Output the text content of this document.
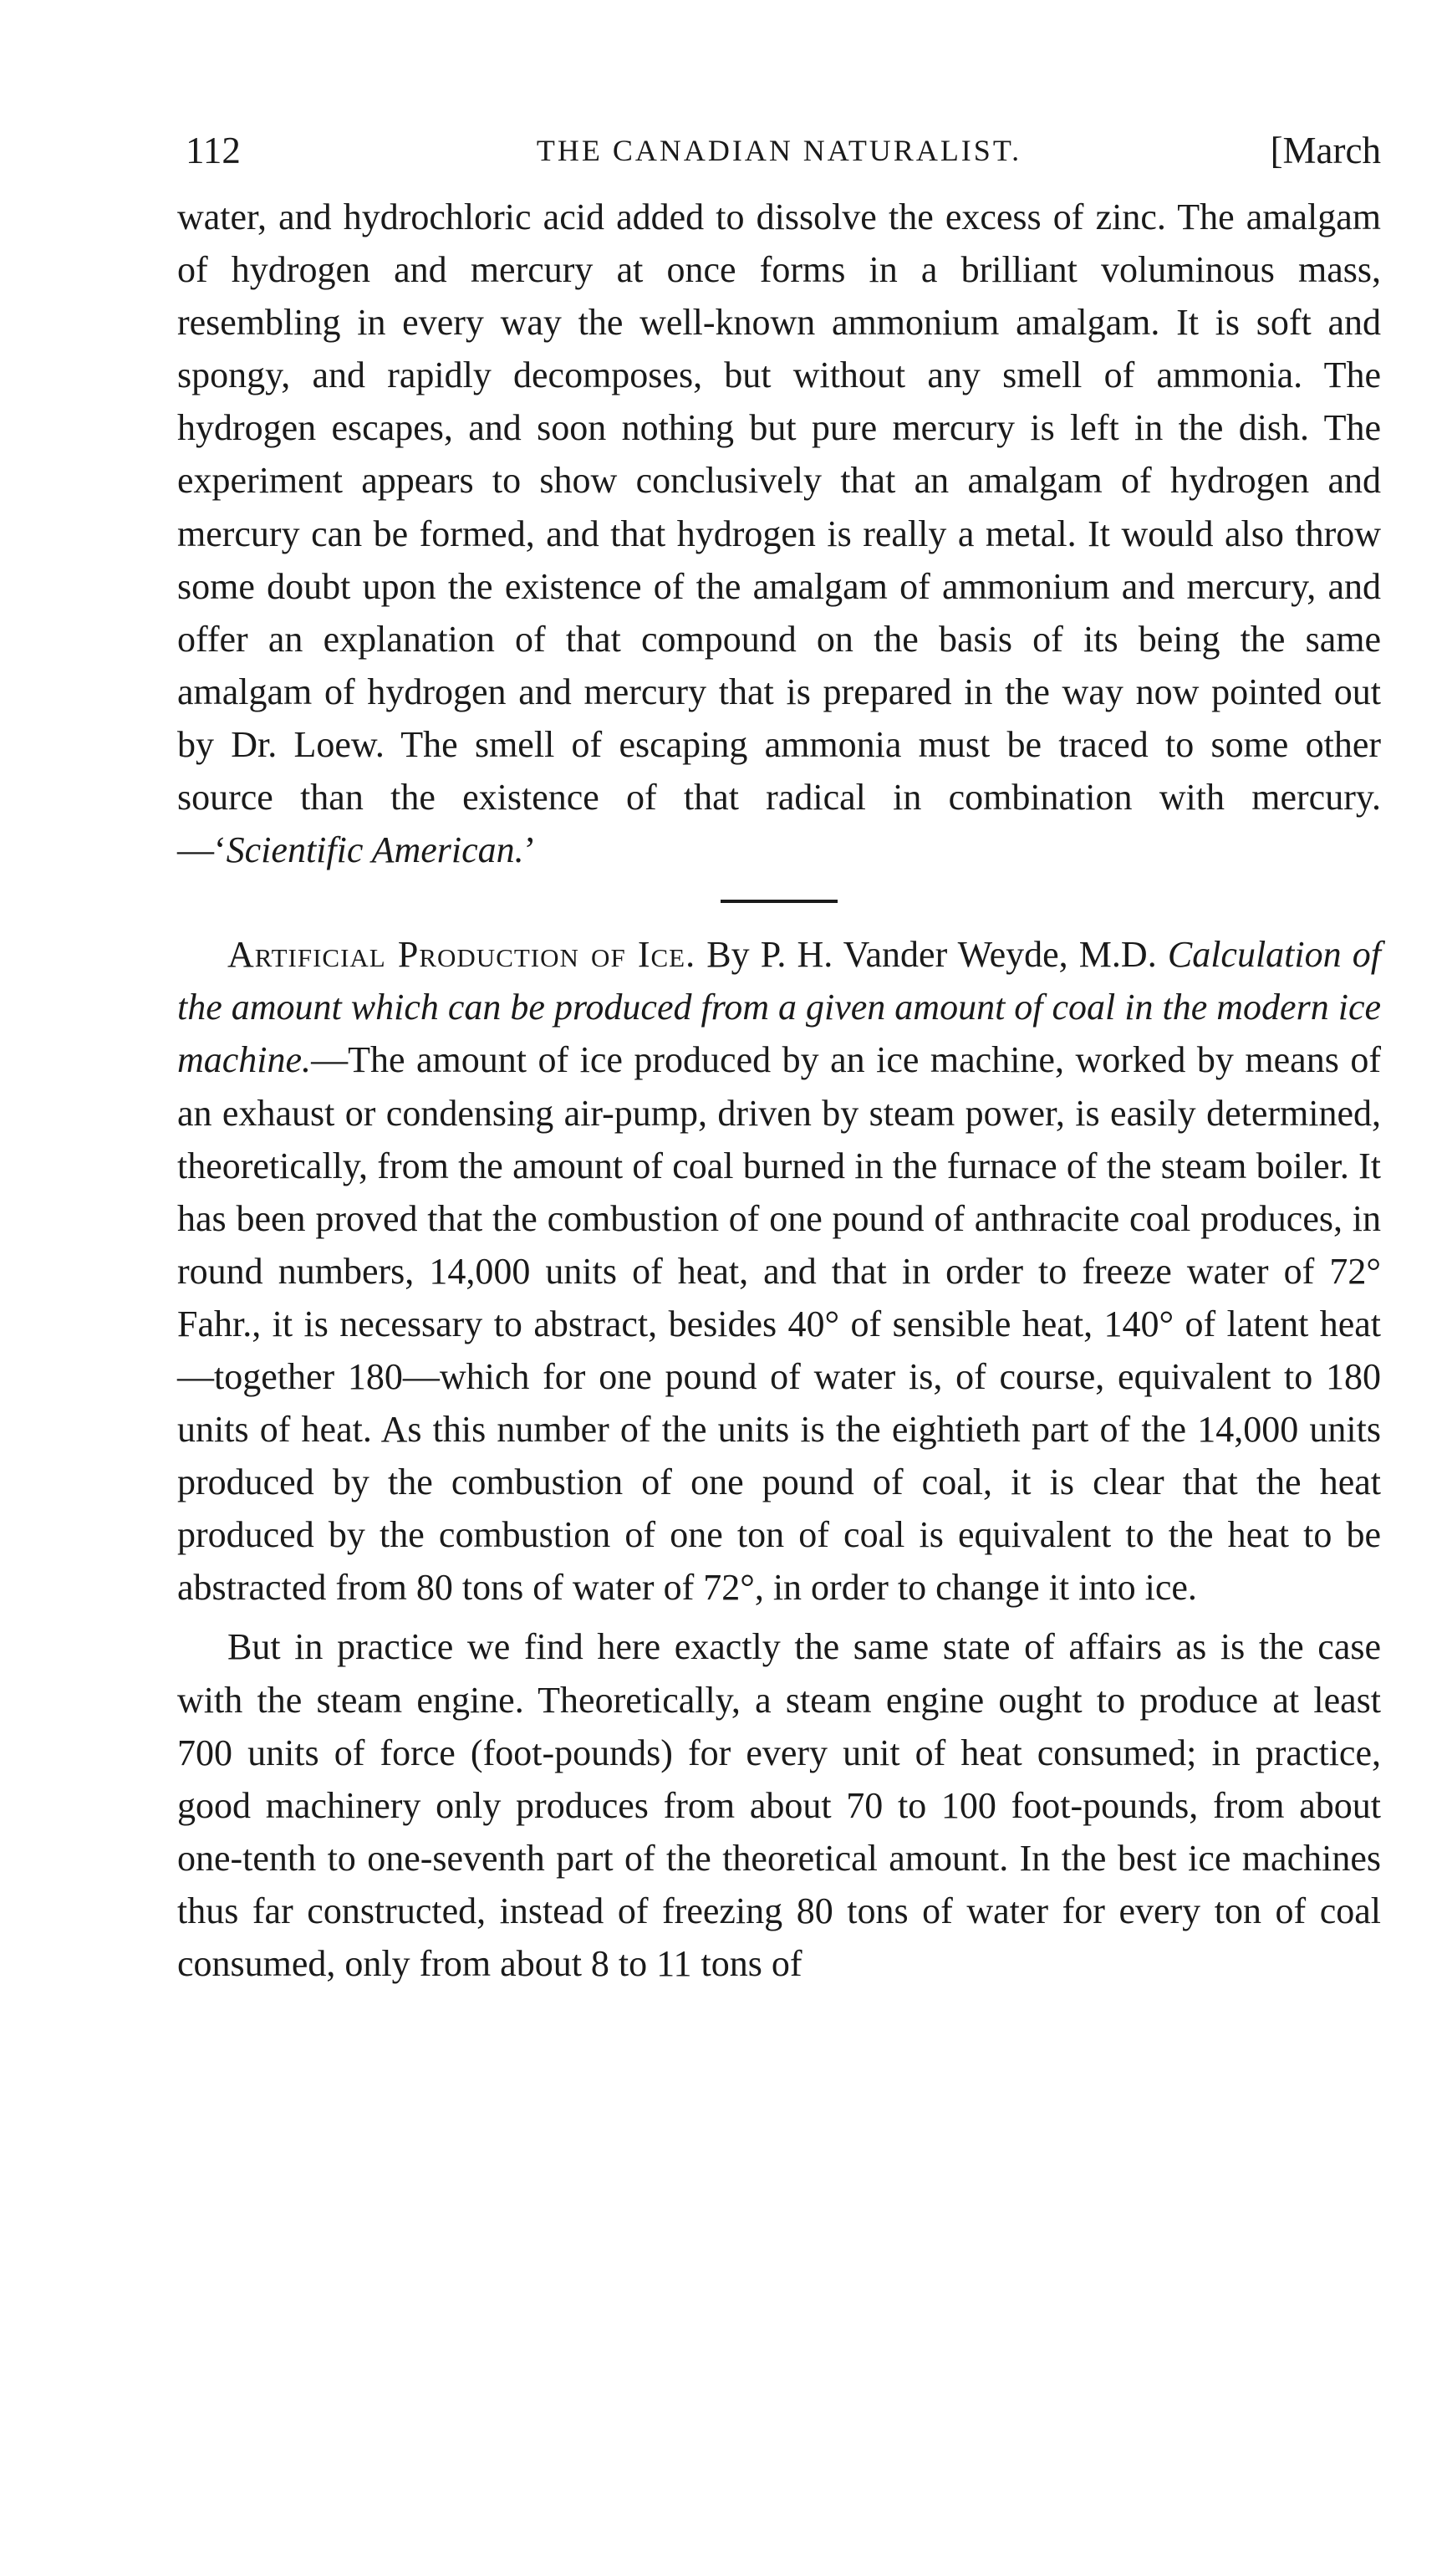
112	THE CANADIAN NATURALIST.	[March

water, and hydrochloric acid added to dissolve the excess of zinc. The amalgam of hydrogen and mercury at once forms in a brilliant voluminous mass, resembling in every way the well-known ammonium amalgam. It is soft and spongy, and rapidly decomposes, but without any smell of ammonia. The hydrogen escapes, and soon nothing but pure mercury is left in the dish. The experiment appears to show conclusively that an amalgam of hydrogen and mercury can be formed, and that hydrogen is really a metal. It would also throw some doubt upon the existence of the amalgam of ammonium and mercury, and offer an explanation of that compound on the basis of its being the same amalgam of hydrogen and mercury that is prepared in the way now pointed out by Dr. Loew. The smell of escaping ammonia must be traced to some other source than the existence of that radical in combination with mercury.—‘Scientific American.’

Artificial Production of Ice. By P. H. Vander Weyde, M.D. Calculation of the amount which can be produced from a given amount of coal in the modern ice machine.—The amount of ice produced by an ice machine, worked by means of an exhaust or condensing air-pump, driven by steam power, is easily determined, theoretically, from the amount of coal burned in the furnace of the steam boiler. It has been proved that the combustion of one pound of anthracite coal produces, in round numbers, 14,000 units of heat, and that in order to freeze water of 72° Fahr., it is necessary to abstract, besides 40° of sensible heat, 140° of latent heat—together 180—which for one pound of water is, of course, equivalent to 180 units of heat. As this number of the units is the eightieth part of the 14,000 units produced by the combustion of one pound of coal, it is clear that the heat produced by the combustion of one ton of coal is equivalent to the heat to be abstracted from 80 tons of water of 72°, in order to change it into ice.

But in practice we find here exactly the same state of affairs as is the case with the steam engine. Theoretically, a steam engine ought to produce at least 700 units of force (foot-pounds) for every unit of heat consumed; in practice, good machinery only produces from about 70 to 100 foot-pounds, from about one-tenth to one-seventh part of the theoretical amount. In the best ice machines thus far constructed, instead of freezing 80 tons of water for every ton of coal consumed, only from about 8 to 11 tons of
